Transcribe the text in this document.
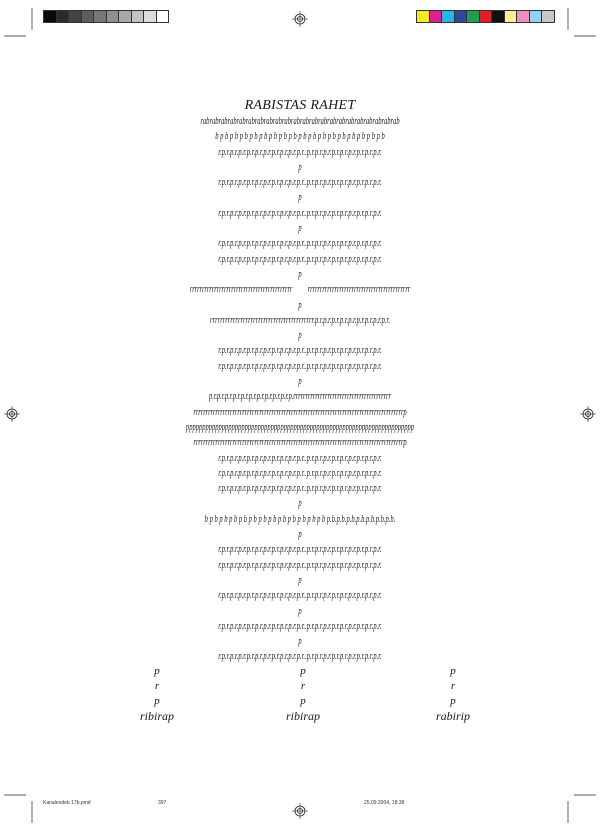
RABISTAS RAHET
rabrabrabrabrabrabrabrabrabrabrabrabrabrabrabrabrabrabrabrabrabrab
b p b p b p b p b p b p b p b p b p b p b p b p b p b p b p b p b p b
r.p.r.p.r.p.r.p.r.p.r.p.r.p.r.p.r.p.r.p.r..p.r.p.r.p.r.p.r.p.r.p.r.p.r.p.r.p.r.
p
r.p.r.p.r.p.r.p.r.p.r.p.r.p.r.p.r.p.r.p.r..p.r.p.r.p.r.p.r.p.r.p.r.p.r.p.r.p.r.
p
r.p.r.p.r.p.r.p.r.p.r.p.r.p.r.p.r.p.r.p.r..p.r.p.r.p.r.p.r.p.r.p.r.p.r.p.r.p.r.
p
r.p.r.p.r.p.r.p.r.p.r.p.r.p.r.p.r.p.r.p.r..p.r.p.r.p.r.p.r.p.r.p.r.p.r.p.r.p.r.
r.p.r.p.r.p.r.p.r.p.r.p.r.p.r.p.r.p.r.p.r..p.r.p.r.p.r.p.r.p.r.p.r.p.r.p.r.p.r.
p
rrrrrrrrrrrrrrrrrrrrrrrrrrrrrrrrrrrrrrrrrr          rrrrrrrrrrrrrrrrrrrrrrrrrrrrrrrrrrrrrrrrrr
p
rrrrrrrrrrrrrrrrrrrrrrrrrrrrrrrrrrrrrrrrr.p.r.p.r.p.r.p.r.p.r.p.r.p.r.p.r.p.r.
p
r.p.r.p.r.p.r.p.r.p.r.p.r.p.r.p.r.p.r.p.r..p.r.p.r.p.r.p.r.p.r.p.r.p.r.p.r.p.r.
r.p.r.p.r.p.r.p.r.p.r.p.r.p.r.p.r.p.r.p.r..p.r.p.r.p.r.p.r.p.r.p.r.p.r.p.r.p.r.
p
p.r.p.r.p.r.p.r.p.r.p.r.p.r.p.r.p.r.p.r.p.rrrrrrrrrrrrrrrrrrrrrrrrrrrrrrrrrrrrrrrr
rrrrrrrrrrrrrrrrrrrrrrrrrrrrrrrrrrrrrrrrrrrrrrrrrrrrrrrrrrrrrrrrrrrrrrrrrrrrrrrrrrrrrrp
pppppppppppppppppppppppppppppppppppppppppppppppppppppppppppppppppppppp
rrrrrrrrrrrrrrrrrrrrrrrrrrrrrrrrrrrrrrrrrrrrrrrrrrrrrrrrrrrrrrrrrrrrrrrrrrrrrrrrrrrrrrp
r.p.r.p.r.p.r.p.r.p.r.p.r.p.r.p.r.p.r.p.r..p.r.p.r.p.r.p.r.p.r.p.r.p.r.p.r.p.r.
r.p.r.p.r.p.r.p.r.p.r.p.r.p.r.p.r.p.r.p.r..p.r.p.r.p.r.p.r.p.r.p.r.p.r.p.r.p.r.
r.p.r.p.r.p.r.p.r.p.r.p.r.p.r.p.r.p.r.p.r..p.r.p.r.p.r.p.r.p.r.p.r.p.r.p.r.p.r.
p
b p b p b p b p b p b p b p b p b p b p b p b p b p.b.p.b.p.b.p.b.p.b.p.b.p.b.
p
r.p.r.p.r.p.r.p.r.p.r.p.r.p.r.p.r.p.r.p.r..p.r.p.r.p.r.p.r.p.r.p.r.p.r.p.r.p.r.
r.p.r.p.r.p.r.p.r.p.r.p.r.p.r.p.r.p.r.p.r..p.r.p.r.p.r.p.r.p.r.p.r.p.r.p.r.p.r.
p
r.p.r.p.r.p.r.p.r.p.r.p.r.p.r.p.r.p.r.p.r..p.r.p.r.p.r.p.r.p.r.p.r.p.r.p.r.p.r.
p
r.p.r.p.r.p.r.p.r.p.r.p.r.p.r.p.r.p.r.p.r..p.r.p.r.p.r.p.r.p.r.p.r.p.r.p.r.p.r.
p
r.p.r.p.r.p.r.p.r.p.r.p.r.p.r.p.r.p.r.p.r..p.r.p.r.p.r.p.r.p.r.p.r.p.r.p.r.p.r.
p
r
p
ribirap
p
r
p
ribirap
p
r
p
rabirip
Kanalendeb 17b.pmd	397	25.09.2004, 18:38
